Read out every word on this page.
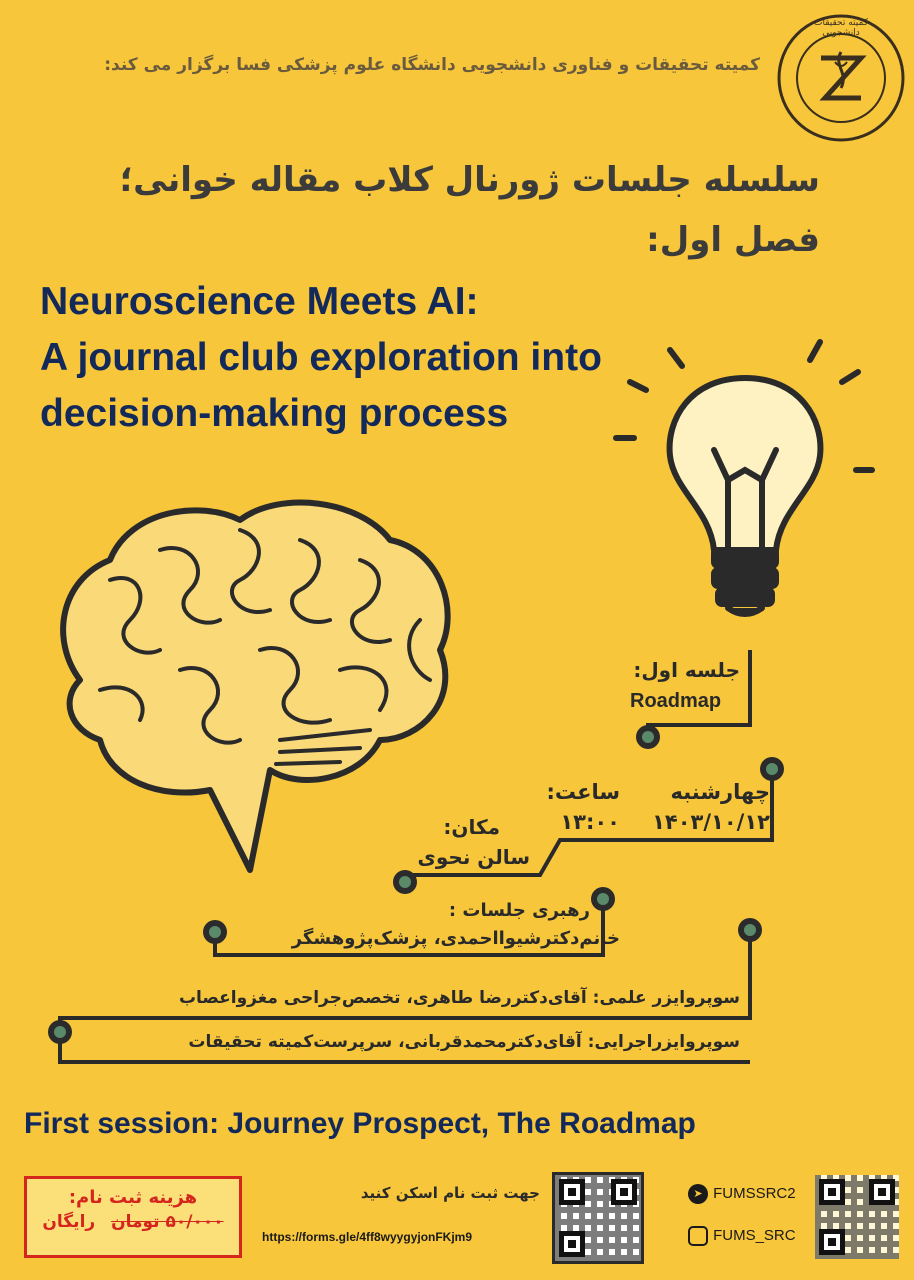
کمیته تحقیقات و فناوری دانشجویی دانشگاه علوم پزشکی فسا برگزار می کند:
کمیته تحقیقات دانشجویی
سلسله جلسات ژورنال کلاب مقاله خوانی؛
فصل اول:
Neuroscience Meets AI:
A journal club exploration into
decision-making process
جلسه اول:
Roadmap
چهارشنبه
۱۴۰۳/۱۰/۱۲
ساعت:
۱۳:۰۰
مکان:
سالن نحوی
رهبری جلسات :
خانم‌دکترشیوااحمدی، پزشک‌پژوهشگر
سوپروایزر علمی: آقای‌دکتررضا طاهری، تخصص‌جراحی مغزواعصاب
سوپروایزراجرایی: آقای‌دکترمحمدقربانی، سرپرست‌کمیته تحقیقات
First session: Journey Prospect, The Roadmap
هزینه ثبت نام:
۵۰/۰۰۰ تومان رایگان
جهت ثبت نام اسکن کنید
https://forms.gle/4ff8wyygyjonFKjm9
➤ FUMSSRC2
FUMS_SRC
